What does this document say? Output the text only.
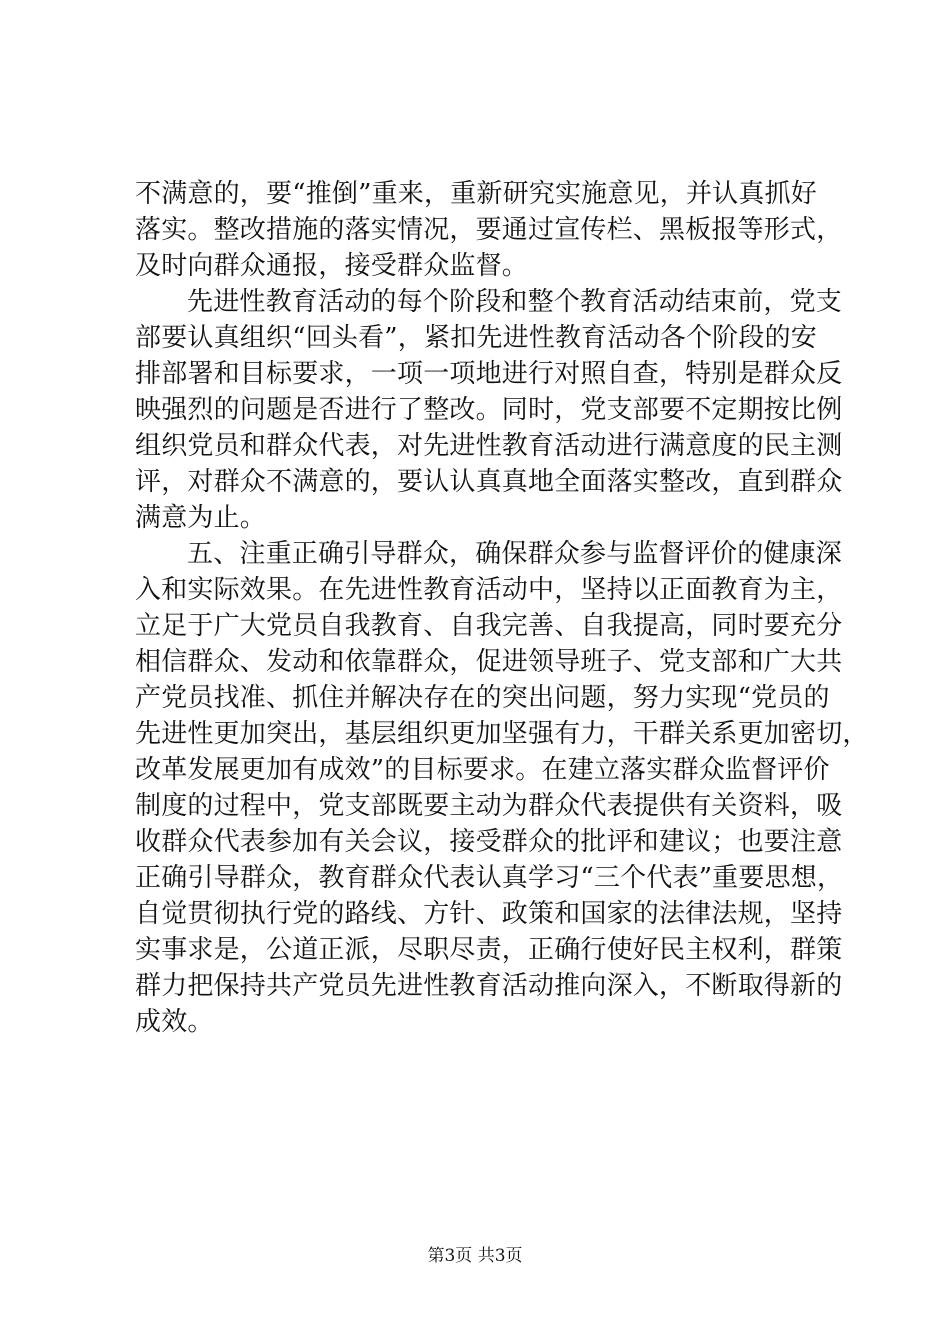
不满意的，要“推倒”重来，重新研究实施意见，并认真抓好
落实。整改措施的落实情况，要通过宣传栏、黑板报等形式，
及时向群众通报，接受群众监督。
先进性教育活动的每个阶段和整个教育活动结束前，党支
部要认真组织“回头看”，紧扣先进性教育活动各个阶段的安
排部署和目标要求，一项一项地进行对照自查，特别是群众反
映强烈的问题是否进行了整改。同时，党支部要不定期按比例
组织党员和群众代表，对先进性教育活动进行满意度的民主测
评，对群众不满意的，要认认真真地全面落实整改，直到群众
满意为止。
五、注重正确引导群众，确保群众参与监督评价的健康深
入和实际效果。在先进性教育活动中，坚持以正面教育为主，
立足于广大党员自我教育、自我完善、自我提高，同时要充分
相信群众、发动和依靠群众，促进领导班子、党支部和广大共
产党员找准、抓住并解决存在的突出问题，努力实现“党员的
先进性更加突出，基层组织更加坚强有力，干群关系更加密切，
改革发展更加有成效”的目标要求。在建立落实群众监督评价
制度的过程中，党支部既要主动为群众代表提供有关资料，吸
收群众代表参加有关会议，接受群众的批评和建议；也要注意
正确引导群众，教育群众代表认真学习“三个代表”重要思想，
自觉贯彻执行党的路线、方针、政策和国家的法律法规，坚持
实事求是，公道正派，尽职尽责，正确行使好民主权利，群策
群力把保持共产党员先进性教育活动推向深入，不断取得新的
成效。
第3页 共3页
